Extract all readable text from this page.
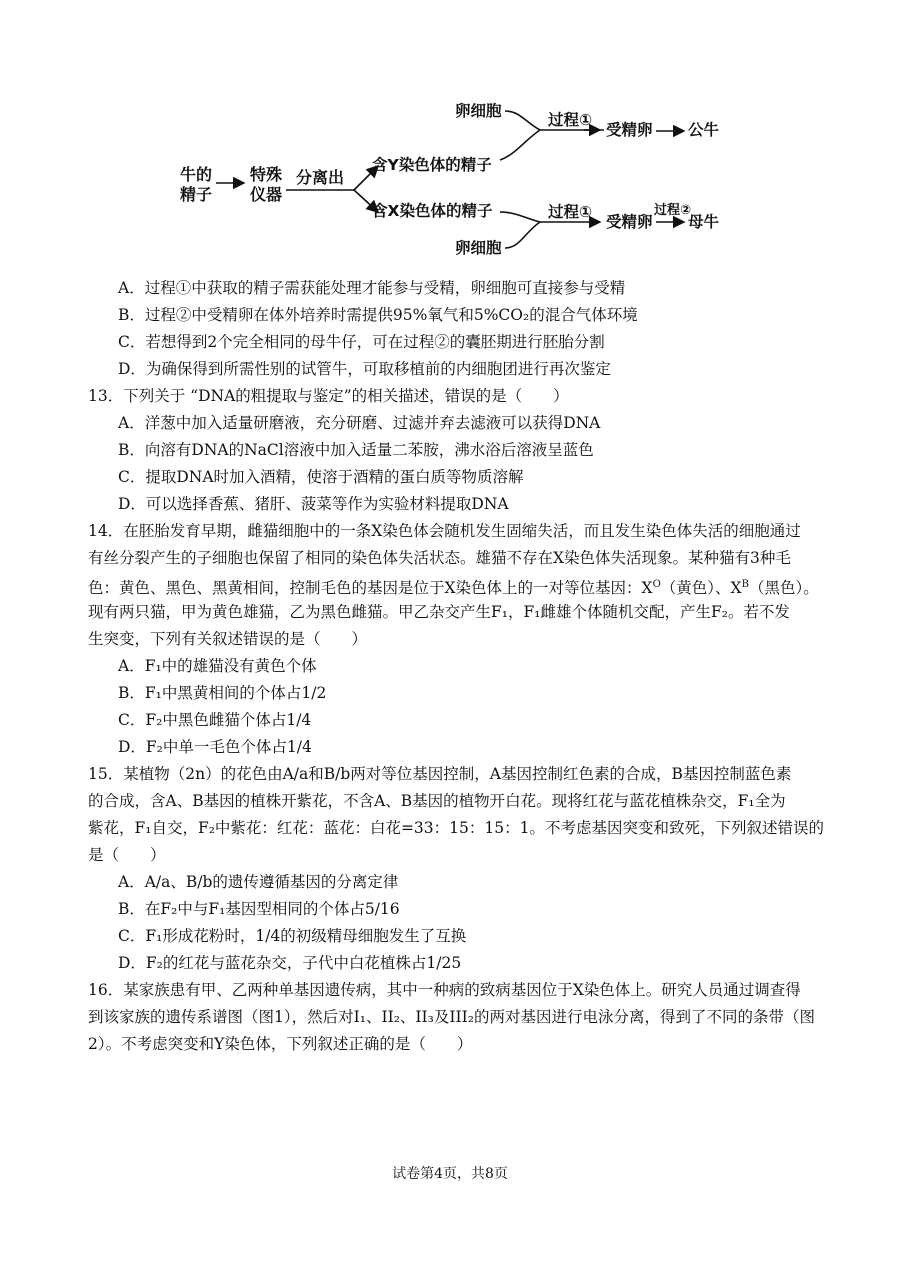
牛的
精子
特殊
仪器
分离出
含Y染色体的精子
含X染色体的精子
卵细胞	过程①
受精卵 公牛
卵细胞
过程①
受精卵
过程②
母牛
A．过程①中获取的精子需获能处理才能参与受精，卵细胞可直接参与受精
B．过程②中受精卵在体外培养时需提供95%氧气和5%CO₂的混合气体环境
C．若想得到2个完全相同的母牛仔，可在过程②的囊胚期进行胚胎分割
D．为确保得到所需性别的试管牛，可取移植前的内细胞团进行再次鉴定
13．下列关于 “DNA的粗提取与鉴定”的相关描述，错误的是（　　）
A．洋葱中加入适量研磨液，充分研磨、过滤并弃去滤液可以获得DNA
B．向溶有DNA的NaCl溶液中加入适量二苯胺，沸水浴后溶液呈蓝色
C．提取DNA时加入酒精，使溶于酒精的蛋白质等物质溶解
D．可以选择香蕉、猪肝、菠菜等作为实验材料提取DNA
14．在胚胎发育早期，雌猫细胞中的一条X染色体会随机发生固缩失活，而且发生染色体失活的细胞通过
有丝分裂产生的子细胞也保留了相同的染色体失活状态。雄猫不存在X染色体失活现象。某种猫有3种毛
色：黄色、黑色、黑黄相间，控制毛色的基因是位于X染色体上的一对等位基因：$X^O$（黄色）、$X^B$（黑色）。
现有两只猫，甲为黄色雄猫，乙为黑色雌猫。甲乙杂交产生F₁，F₁雌雄个体随机交配，产生F₂。若不发
生突变，下列有关叙述错误的是（　　）
A．F₁中的雄猫没有黄色个体
B．F₁中黑黄相间的个体占1/2
C．F₂中黑色雌猫个体占1/4
D．F₂中单一毛色个体占1/4
15．某植物（2n）的花色由A/a和B/b两对等位基因控制，A基因控制红色素的合成，B基因控制蓝色素
的合成，含A、B基因的植株开紫花，不含A、B基因的植物开白花。现将红花与蓝花植株杂交，F₁全为
紫花，F₁自交，F₂中紫花：红花：蓝花：白花=33：15：15：1。不考虑基因突变和致死，下列叙述错误的
是（　　）
A．A/a、B/b的遗传遵循基因的分离定律
B．在F₂中与F₁基因型相同的个体占5/16
C．F₁形成花粉时，1/4的初级精母细胞发生了互换
D．F₂的红花与蓝花杂交，子代中白花植株占1/25
16．某家族患有甲、乙两种单基因遗传病，其中一种病的致病基因位于X染色体上。研究人员通过调查得
到该家族的遗传系谱图（图1），然后对I₁、II₂、II₃及III₂的两对基因进行电泳分离，得到了不同的条带（图
2）。不考虑突变和Y染色体，下列叙述正确的是（　　）
试卷第4页，共8页
